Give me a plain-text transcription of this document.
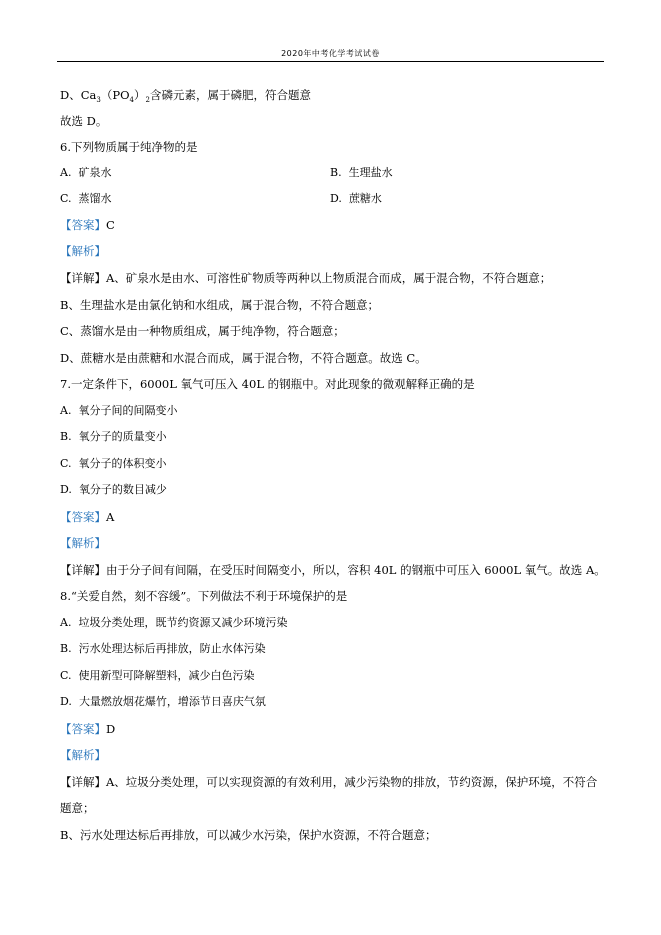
2020年中考化学考试试卷
D、$Ca_3(PO_4)_2$含磷元素，属于磷肥，符合题意
故选 D。
6.下列物质属于纯净物的是
A. 矿泉水	B. 生理盐水
C. 蒸馏水	D. 蔗糖水
【答案】C
【解析】
【详解】A、矿泉水是由水、可溶性矿物质等两种以上物质混合而成，属于混合物，不符合题意；
B、生理盐水是由氯化钠和水组成，属于混合物，不符合题意；
C、蒸馏水是由一种物质组成，属于纯净物，符合题意；
D、蔗糖水是由蔗糖和水混合而成，属于混合物，不符合题意。故选 C。
7.一定条件下，6000L 氧气可压入 40L 的钢瓶中。对此现象的微观解释正确的是
A. 氧分子间的间隔变小
B. 氧分子的质量变小
C. 氧分子的体积变小
D. 氧分子的数目减少
【答案】A
【解析】
【详解】由于分子间有间隔，在受压时间隔变小，所以，容积 40L 的钢瓶中可压入 6000L 氧气。故选 A。
8.“关爱自然，刻不容缓”。下列做法不利于环境保护的是
A. 垃圾分类处理，既节约资源又减少环境污染
B. 污水处理达标后再排放，防止水体污染
C. 使用新型可降解塑料，减少白色污染
D. 大量燃放烟花爆竹，增添节日喜庆气氛
【答案】D
【解析】
【详解】A、垃圾分类处理，可以实现资源的有效利用，减少污染物的排放，节约资源，保护环境，不符合
题意；
B、污水处理达标后再排放，可以减少水污染，保护水资源，不符合题意；
